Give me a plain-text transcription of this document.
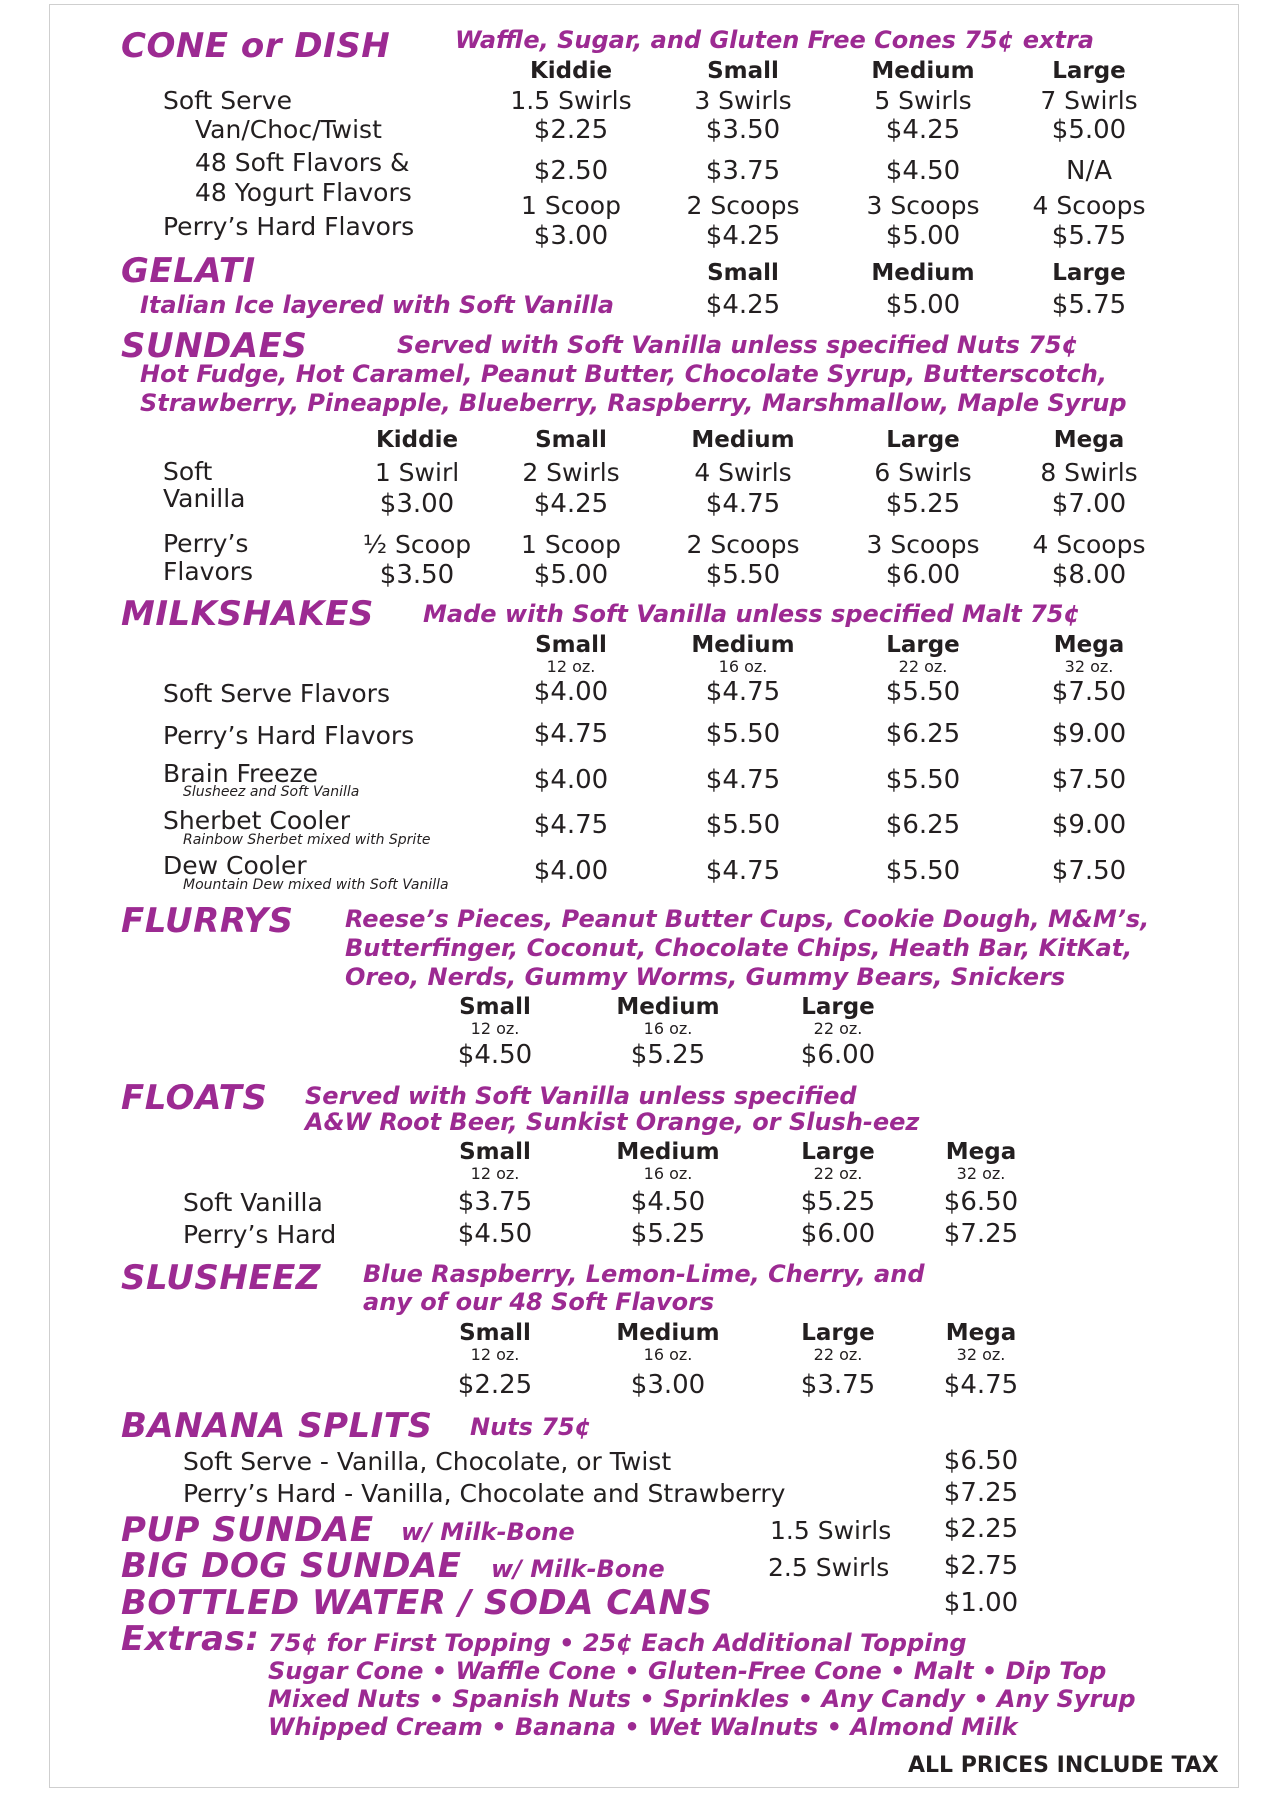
CONE or DISH	Waffle, Sugar, and Gluten Free Cones 75¢ extra
Kiddie	Small	Medium	Large
Soft Serve	1.5 Swirls	3 Swirls	5 Swirls	7 Swirls
Van/Choc/Twist	$2.25	$3.50	$4.25	$5.00
48 Soft Flavors &
48 Yogurt Flavors
$2.50	$3.75	$4.50	N/A
Perry’s Hard Flavors
1 Scoop	2 Scoops	3 Scoops 4 Scoops
$3.00	$4.25	$5.00	$5.75
GELATI	Small	Medium	Large
Italian Ice layered with Soft Vanilla	$4.25	$5.00	$5.75
SUNDAES	Served with Soft Vanilla unless specified Nuts 75¢
Hot Fudge, Hot Caramel, Peanut Butter, Chocolate Syrup, Butterscotch,
Strawberry, Pineapple, Blueberry, Raspberry, Marshmallow, Maple Syrup
Kiddie	Small	Medium	Large	Mega
Soft
Vanilla
1 Swirl	2 Swirls	4 Swirls	6 Swirls	8 Swirls
$3.00	$4.25	$4.75	$5.25	$7.00
Perry’s
Flavors
½ Scoop 1 Scoop	2 Scoops	3 Scoops 4 Scoops
$3.50	$5.00	$5.50	$6.00	$8.00
MILKSHAKES Made with Soft Vanilla unless specified Malt 75¢
Small	Medium	Large	Mega
12 oz.	16 oz.	22 oz.	32 oz.
Soft Serve Flavors	$4.00	$4.75	$5.50	$7.50
Perry’s Hard Flavors	$4.75	$5.50	$6.25	$9.00
Brain Freeze
Slusheez and Soft Vanilla	$4.00	$4.75	$5.50	$7.50
Sherbet Cooler
Rainbow Sherbet mixed with Sprite	$4.75	$5.50	$6.25	$9.00
Dew Cooler
Mountain Dew mixed with Soft Vanilla	$4.00	$4.75	$5.50	$7.50
FLURRYS Reese’s Pieces, Peanut Butter Cups, Cookie Dough, M&M’s,
Butterfinger, Coconut, Chocolate Chips, Heath Bar, KitKat,
Oreo, Nerds, Gummy Worms, Gummy Bears, Snickers
Small	Medium	Large
12 oz.	16 oz.	22 oz.
$4.50	$5.25	$6.00
FLOATS Served with Soft Vanilla unless specified
A&W Root Beer, Sunkist Orange, or Slush-eez
Small	Medium	Large	Mega
12 oz.	16 oz.	22 oz.	32 oz.
Soft Vanilla	$3.75	$4.50	$5.25	$6.50
Perry’s Hard	$4.50	$5.25	$6.00	$7.25
SLUSHEEZ Blue Raspberry, Lemon-Lime, Cherry, and
any of our 48 Soft Flavors
Small	Medium	Large	Mega
12 oz.	16 oz.	22 oz.	32 oz.
$2.25	$3.00	$3.75	$4.75
BANANA SPLITS Nuts 75¢
Soft Serve - Vanilla, Chocolate, or Twist	$6.50
Perry’s Hard - Vanilla, Chocolate and Strawberry	$7.25
PUP SUNDAE w/ Milk-Bone	1.5 Swirls $2.25
BIG DOG SUNDAE w/ Milk-Bone	2.5 Swirls $2.75
BOTTLED WATER / SODA CANS	$1.00
Extras: 75¢ for First Topping • 25¢ Each Additional Topping
Sugar Cone • Waffle Cone • Gluten-Free Cone • Malt • Dip Top
Mixed Nuts • Spanish Nuts • Sprinkles • Any Candy • Any Syrup
Whipped Cream • Banana • Wet Walnuts • Almond Milk
ALL PRICES INCLUDE TAX
